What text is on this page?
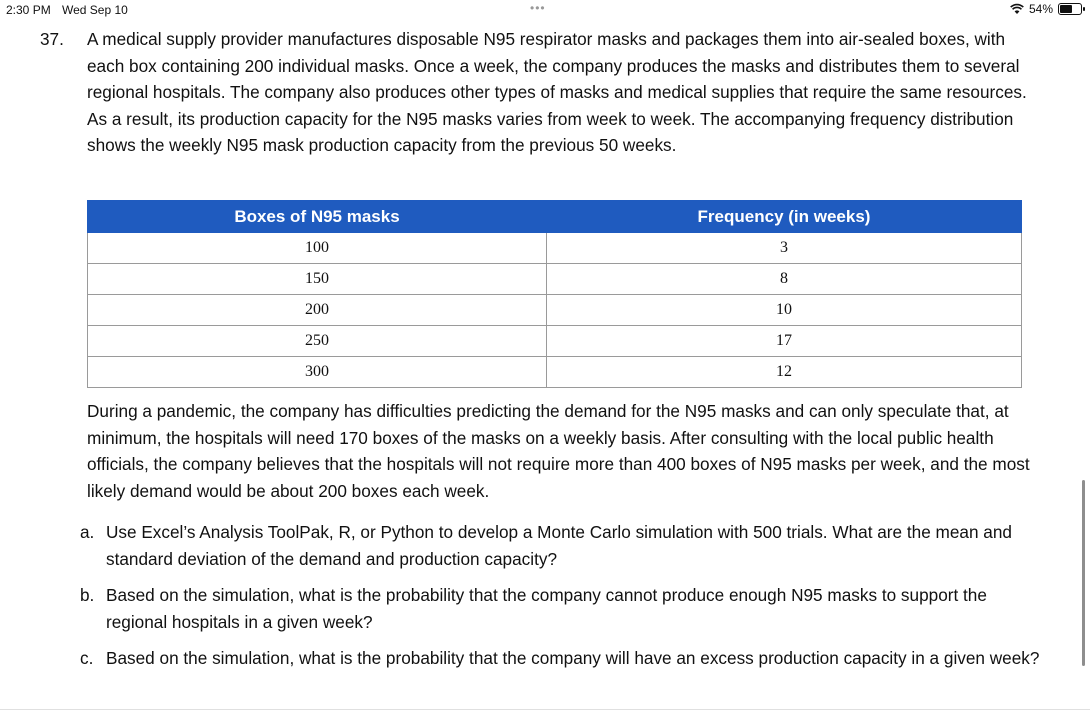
2:30 PM Wed Sep 10	•••	54%
37. A medical supply provider manufactures disposable N95 respirator masks and packages them into air-sealed boxes, with each box containing 200 individual masks. Once a week, the company produces the masks and distributes them to several regional hospitals. The company also produces other types of masks and medical supplies that require the same resources. As a result, its production capacity for the N95 masks varies from week to week. The accompanying frequency distribution shows the weekly N95 mask production capacity from the previous 50 weeks.
Boxes of N95 masks	Frequency (in weeks)
100	3
150	8
200	10
250	17
300	12
During a pandemic, the company has difficulties predicting the demand for the N95 masks and can only speculate that, at minimum, the hospitals will need 170 boxes of the masks on a weekly basis. After consulting with the local public health officials, the company believes that the hospitals will not require more than 400 boxes of N95 masks per week, and the most likely demand would be about 200 boxes each week.
a. Use Excel’s Analysis ToolPak, R, or Python to develop a Monte Carlo simulation with 500 trials. What are the mean and standard deviation of the demand and production capacity?
b. Based on the simulation, what is the probability that the company cannot produce enough N95 masks to support the regional hospitals in a given week?
c. Based on the simulation, what is the probability that the company will have an excess production capacity in a given week?
